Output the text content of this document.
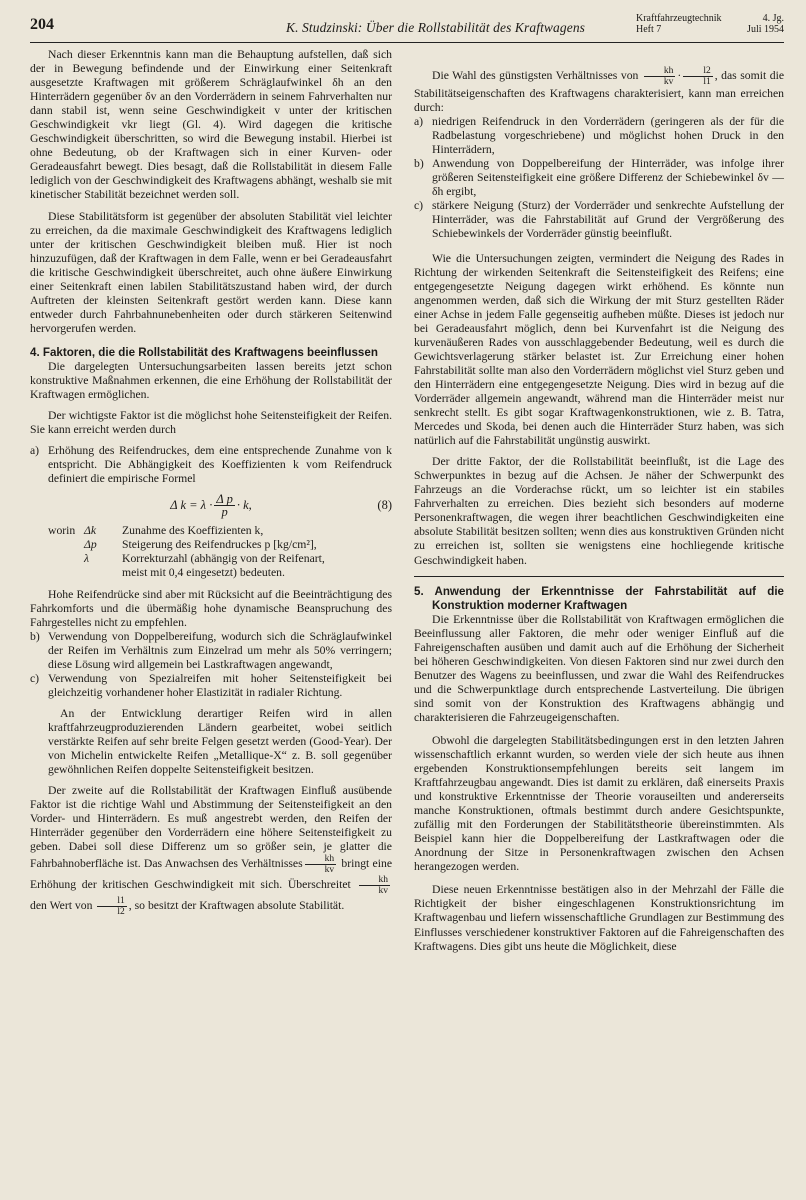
204	K. Studzinski: Über die Rollstabilität des Kraftwagens
Kraftfahrzeugtechnik	4. Jg.
Heft 7	Juli 1954

Nach dieser Erkenntnis kann man die Behauptung aufstellen, daß sich der in Bewegung befindende und der Einwirkung einer Seitenkraft ausgesetzte Kraftwagen mit größerem Schräglaufwinkel δh an den Hinterrädern gegenüber δv an den Vorderrädern in seinem Fahrverhalten nur dann stabil ist, wenn seine Geschwindigkeit v unter der kritischen Geschwindigkeit vkr liegt (Gl. 4). Wird dagegen die kritische Geschwindigkeit überschritten, so wird die Bewegung instabil. Hierbei ist ohne Bedeutung, ob der Kraftwagen sich in einer Kurven- oder Geradeausfahrt bewegt. Dies besagt, daß die Rollstabilität in diesem Falle lediglich von der Geschwindigkeit des Kraftwagens abhängt, weshalb sie mit kinetischer Stabilität bezeichnet werden soll.

Diese Stabilitätsform ist gegenüber der absoluten Stabilität viel leichter zu erreichen, da die maximale Geschwindigkeit des Kraftwagens lediglich unter der kritischen Geschwindigkeit bleiben muß. Hier ist noch hinzuzufügen, daß der Kraftwagen in dem Falle, wenn er bei Geradeausfahrt die kritische Geschwindigkeit überschreitet, auch ohne äußere Einwirkung einer Seitenkraft einen labilen Stabilitätszustand haben wird, der durch Auftreten der kleinsten Seitenkraft gestört werden kann. Diese kann entweder durch Fahrbahnunebenheiten oder durch stärkeren Seitenwind hervorgerufen werden.

4. Faktoren, die die Rollstabilität des Kraftwagens beeinflussen

Die dargelegten Untersuchungsarbeiten lassen bereits jetzt schon konstruktive Maßnahmen erkennen, die eine Erhöhung der Rollstabilität der Kraftwagen ermöglichen.

Der wichtigste Faktor ist die möglichst hohe Seitensteifigkeit der Reifen. Sie kann erreicht werden durch

a) Erhöhung des Reifendruckes, dem eine entsprechende Zunahme von k entspricht. Die Abhängigkeit des Koeffizienten k vom Reifendruck definiert die empirische Formel

Δ $k = \lambda \cdot \frac{\text{Δ p}}{p} \cdot k$,	(8)
worin Δk	Zunahme des Koeffizienten k,
Δp	Steigerung des Reifendruckes p [kg/cm²],
λ	Korrekturzahl (abhängig von der Reifenart,
meist mit 0,4 eingesetzt) bedeuten.

Hohe Reifendrücke sind aber mit Rücksicht auf die Beeinträchtigung des Fahrkomforts und die übermäßig hohe dynamische Beanspruchung des Fahrgestelles nicht zu empfehlen.

b) Verwendung von Doppelbereifung, wodurch sich die Schräglaufwinkel der Reifen im Verhältnis zum Einzelrad um mehr als 50% verringern; diese Lösung wird allgemein bei Lastkraftwagen angewandt,

c) Verwendung von Spezialreifen mit hoher Seitensteifigkeit bei gleichzeitig vorhandener hoher Elastizität in radialer Richtung.

An der Entwicklung derartiger Reifen wird in allen kraftfahrzeugproduzierenden Ländern gearbeitet, wobei seitlich verstärkte Reifen auf sehr breite Felgen gesetzt werden (Good-Year). Der von Michelin entwickelte Reifen „Metallique-X“ z. B. soll gegenüber gewöhnlichen Reifen doppelte Seitensteifigkeit besitzen.

Der zweite auf die Rollstabilität der Kraftwagen Einfluß ausübende Faktor ist die richtige Wahl und Abstimmung der Seitensteifigkeit an den Vorder- und Hinterrädern. Es muß angestrebt werden, den Reifen der Hinterräder gegenüber den Vorderrädern eine höhere Seitensteifigkeit zu geben. Dabei soll diese Differenz um so größer sein, je glatter die Fahrbahnoberfläche ist. Das Anwachsen des Verhältnisses $\frac{kh}{kv}$ bringt eine Erhöhung der kritischen Geschwindigkeit mit sich. Überschreitet $\frac{kh}{kv}$
den Wert von $\frac{l1}{l2}$ , so besitzt der Kraftwagen absolute Stabilität.

Die Wahl des günstigsten Verhältnisses von $\frac{kh}{kv} \cdot \frac{l2}{l1}$ , das somit die Stabilitätseigenschaften des Kraftwagens charakterisiert, kann man erreichen durch:

a) niedrigen Reifendruck in den Vorderrädern (geringeren als der für die Radbelastung vorgeschriebene) und möglichst hohen Druck in den Hinterrädern,

b) Anwendung von Doppelbereifung der Hinterräder, was infolge ihrer größeren Seitensteifigkeit eine größere Differenz der Schiebewinkel δv — δh ergibt,

c) stärkere Neigung (Sturz) der Vorderräder und senkrechte Aufstellung der Hinterräder, was die Fahrstabilität auf Grund der Vergrößerung des Schiebewinkels der Vorderräder günstig beeinflußt.

Wie die Untersuchungen zeigten, vermindert die Neigung des Rades in Richtung der wirkenden Seitenkraft die Seitensteifigkeit des Reifens; eine entgegengesetzte Neigung dagegen wirkt erhöhend. Es könnte nun angenommen werden, daß sich die Wirkung der mit Sturz gestellten Räder einer Achse in jedem Falle gegenseitig aufheben müßte. Dieses ist jedoch nur bei Geradeausfahrt möglich, denn bei Kurvenfahrt ist die Neigung des kurvenäußeren Rades von ausschlaggebender Bedeutung, weil es durch die Gewichtsverlagerung stärker belastet ist. Zur Erreichung einer hohen Fahrstabilität sollte man also den Vorderrädern möglichst viel Sturz geben und den Hinterrädern eine entgegengesetzte Neigung. Dies wird in bezug auf die Vorderräder allgemein angewandt, während man die Hinterräder meist nur senkrecht stellt. Es gibt sogar Kraftwagenkonstruktionen, wie z. B. Tatra, Mercedes und Skoda, bei denen auch die Hinterräder Sturz haben, was sich natürlich auf die Fahrstabilität ungünstig auswirkt.

Der dritte Faktor, der die Rollstabilität beeinflußt, ist die Lage des Schwerpunktes in bezug auf die Achsen. Je näher der Schwerpunkt des Fahrzeugs an die Vorderachse rückt, um so leichter ist ein stabiles Fahrverhalten zu erreichen. Dies bezieht sich besonders auf moderne Personenkraftwagen, die wegen ihrer beachtlichen Geschwindigkeiten eine absolute Stabilität besitzen sollten; wenn dies aus konstruktiven Gründen nicht zu erreichen ist, sollten sie wenigstens eine hochliegende kritische Geschwindigkeit haben.

5. Anwendung der Erkenntnisse der Fahrstabilität auf die Konstruktion moderner Kraftwagen

Die Erkenntnisse über die Rollstabilität von Kraftwagen ermöglichen die Beeinflussung aller Faktoren, die mehr oder weniger Einfluß auf die Fahreigenschaften ausüben und damit auch auf die Erhöhung der Sicherheit bei höheren Geschwindigkeiten. Von diesen Faktoren sind nur zwei durch den Benutzer des Wagens zu beeinflussen, und zwar die Wahl des Reifendruckes und die Schwerpunktlage durch entsprechende Lastverteilung. Die übrigen sind somit von der Konstruktion des Kraftwagens abhängig und charakterisieren die Fahrzeugeigenschaften.

Obwohl die dargelegten Stabilitätsbedingungen erst in den letzten Jahren wissenschaftlich erkannt wurden, so werden viele der sich heute aus ihnen ergebenden Konstruktionsempfehlungen bereits seit langem im Kraftfahrzeugbau angewandt. Dies ist damit zu erklären, daß einerseits Praxis und konstruktive Erkenntnisse der Theorie vorauseilten und andererseits manche Konstruktionen, oftmals bestimmt durch andere Gesichtspunkte, zufällig mit den Forderungen der Stabilitätstheorie übereinstimmten. Als Beispiel kann hier die Doppelbereifung der Lastkraftwagen oder die Anordnung der Sitze in Personenkraftwagen zwischen den Achsen herangezogen werden.

Diese neuen Erkenntnisse bestätigen also in der Mehrzahl der Fälle die Richtigkeit der bisher eingeschlagenen Konstruktionsrichtung im Kraftwagenbau und liefern wissenschaftliche Grundlagen zur Bestimmung des Einflusses verschiedener konstruktiver Faktoren auf die Fahreigenschaften des Kraftwagens. Dies gibt uns heute die Möglichkeit, diese
